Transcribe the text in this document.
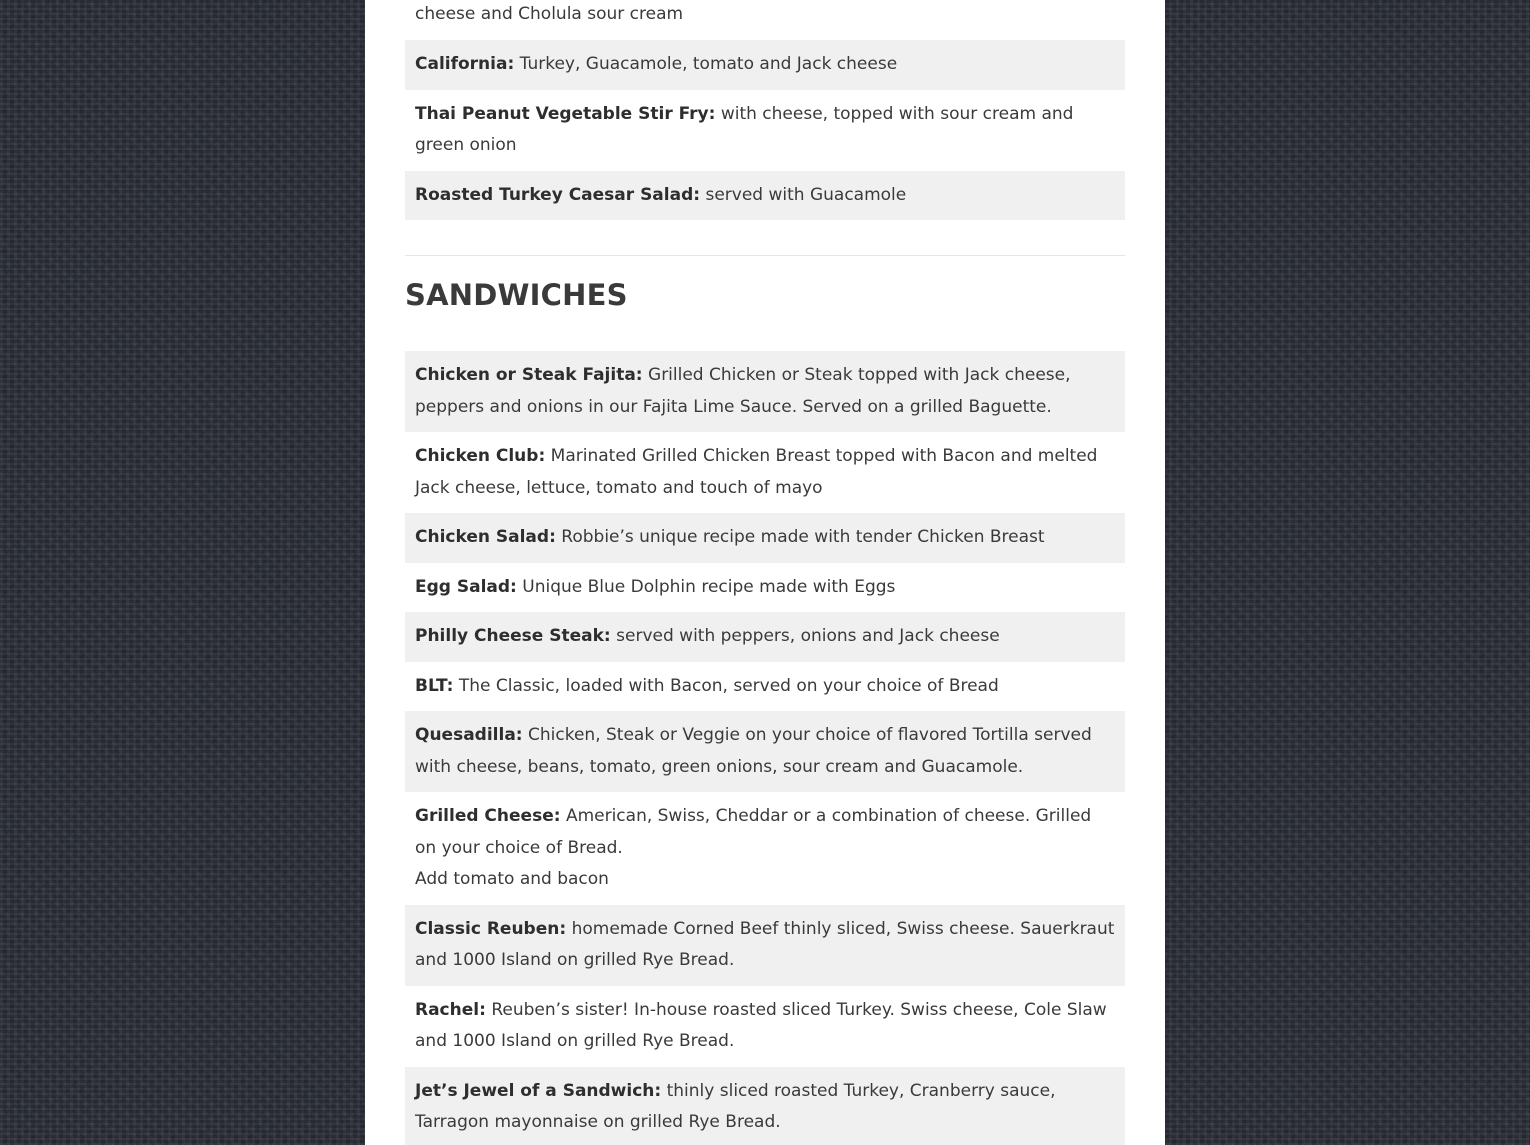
cheese and Cholula sour cream
California: Turkey, Guacamole, tomato and Jack cheese
Thai Peanut Vegetable Stir Fry: with cheese, topped with sour cream and green onion
Roasted Turkey Caesar Salad: served with Guacamole
SANDWICHES
Chicken or Steak Fajita: Grilled Chicken or Steak topped with Jack cheese, peppers and onions in our Fajita Lime Sauce. Served on a grilled Baguette.
Chicken Club: Marinated Grilled Chicken Breast topped with Bacon and melted Jack cheese, lettuce, tomato and touch of mayo
Chicken Salad: Robbie’s unique recipe made with tender Chicken Breast
Egg Salad: Unique Blue Dolphin recipe made with Eggs
Philly Cheese Steak: served with peppers, onions and Jack cheese
BLT: The Classic, loaded with Bacon, served on your choice of Bread
Quesadilla: Chicken, Steak or Veggie on your choice of flavored Tortilla served with cheese, beans, tomato, green onions, sour cream and Guacamole.
Grilled Cheese: American, Swiss, Cheddar or a combination of cheese. Grilled on your choice of Bread.
Add tomato and bacon
Classic Reuben: homemade Corned Beef thinly sliced, Swiss cheese. Sauerkraut and 1000 Island on grilled Rye Bread.
Rachel: Reuben’s sister! In-house roasted sliced Turkey. Swiss cheese, Cole Slaw and 1000 Island on grilled Rye Bread.
Jet’s Jewel of a Sandwich: thinly sliced roasted Turkey, Cranberry sauce, Tarragon mayonnaise on grilled Rye Bread.
